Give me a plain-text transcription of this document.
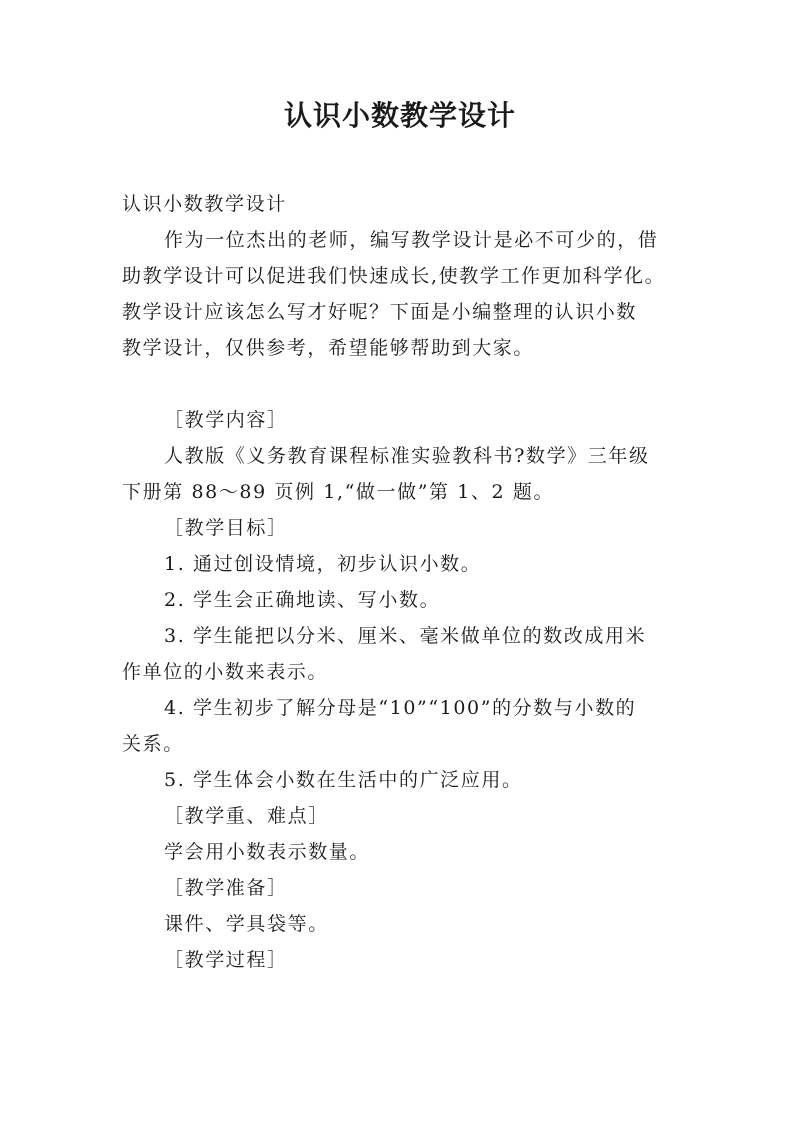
认识小数教学设计

认识小数教学设计

作为一位杰出的老师，编写教学设计是必不可少的，借

助教学设计可以促进我们快速成长,使教学工作更加科学化。

教学设计应该怎么写才好呢？下面是小编整理的认识小数

教学设计，仅供参考，希望能够帮助到大家。

［教学内容］

人教版《义务教育课程标准实验教科书?数学》三年级

下册第 88～89 页例 1,“做一做”第 1、2 题。

［教学目标］

1. 通过创设情境，初步认识小数。

2. 学生会正确地读、写小数。

3. 学生能把以分米、厘米、毫米做单位的数改成用米

作单位的小数来表示。

4. 学生初步了解分母是“10”“100”的分数与小数的

关系。

5. 学生体会小数在生活中的广泛应用。

［教学重、难点］

学会用小数表示数量。

［教学准备］

课件、学具袋等。

［教学过程］
